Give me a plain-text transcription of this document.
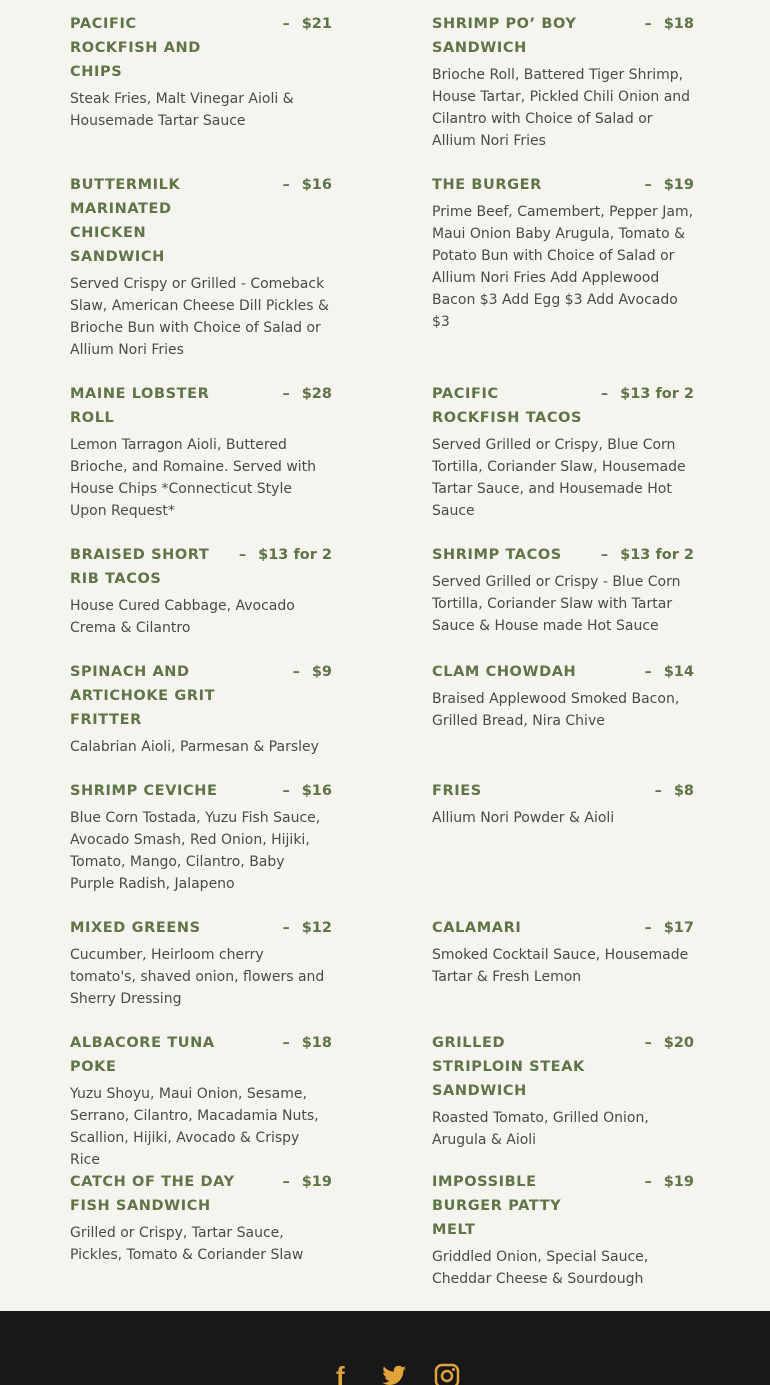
PACIFIC ROCKFISH AND CHIPS
– $21
Steak Fries, Malt Vinegar Aioli & Housemade Tartar Sauce
SHRIMP PO’ BOY SANDWICH
– $18
Brioche Roll, Battered Tiger Shrimp, House Tartar, Pickled Chili Onion and Cilantro with Choice of Salad or Allium Nori Fries
BUTTERMILK MARINATED CHICKEN SANDWICH
– $16
Served Crispy or Grilled - Comeback Slaw, American Cheese Dill Pickles & Brioche Bun with Choice of Salad or Allium Nori Fries
THE BURGER	– $19
Prime Beef, Camembert, Pepper Jam, Maui Onion Baby Arugula, Tomato & Potato Bun with Choice of Salad or Allium Nori Fries Add Applewood Bacon $3 Add Egg $3 Add Avocado $3
MAINE LOBSTER ROLL
– $28
Lemon Tarragon Aioli, Buttered Brioche, and Romaine. Served with House Chips *Connecticut Style Upon Request*
PACIFIC ROCKFISH TACOS
– $13 for 2
Served Grilled or Crispy, Blue Corn Tortilla, Coriander Slaw, Housemade Tartar Sauce, and Housemade Hot Sauce
BRAISED SHORT RIB TACOS
– $13 for 2
House Cured Cabbage, Avocado Crema & Cilantro
SHRIMP TACOS	– $13 for 2
Served Grilled or Crispy - Blue Corn Tortilla, Coriander Slaw with Tartar Sauce & House made Hot Sauce
SPINACH AND ARTICHOKE GRIT FRITTER
– $9
Calabrian Aioli, Parmesan & Parsley
CLAM CHOWDAH	– $14
Braised Applewood Smoked Bacon, Grilled Bread, Nira Chive
SHRIMP CEVICHE	– $16
Blue Corn Tostada, Yuzu Fish Sauce, Avocado Smash, Red Onion, Hijiki, Tomato, Mango, Cilantro, Baby Purple Radish, Jalapeno
FRIES	– $8
Allium Nori Powder & Aioli
MIXED GREENS	– $12
Cucumber, Heirloom cherry tomato's, shaved onion, flowers and Sherry Dressing
CALAMARI	– $17
Smoked Cocktail Sauce, Housemade Tartar & Fresh Lemon
ALBACORE TUNA POKE
– $18
Yuzu Shoyu, Maui Onion, Sesame, Serrano, Cilantro, Macadamia Nuts, Scallion, Hijiki, Avocado & Crispy Rice
GRILLED STRIPLOIN STEAK SANDWICH
– $20
Roasted Tomato, Grilled Onion, Arugula & Aioli
CATCH OF THE DAY FISH SANDWICH
– $19
Grilled or Crispy, Tartar Sauce, Pickles, Tomato & Coriander Slaw
IMPOSSIBLE BURGER PATTY MELT
– $19
Griddled Onion, Special Sauce, Cheddar Cheese & Sourdough
f
